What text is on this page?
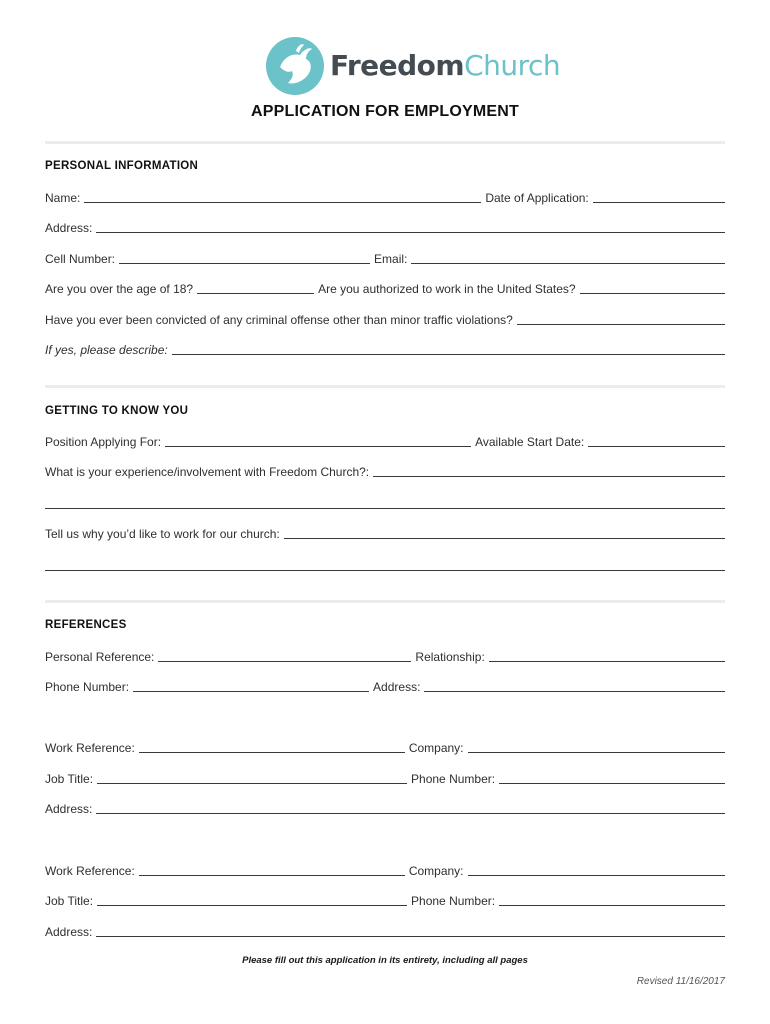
FreedomChurch
APPLICATION FOR EMPLOYMENT
PERSONAL INFORMATION
Name:	Date of Application:
Address:
Cell Number:	Email:
Are you over the age of 18?	Are you authorized to work in the United States?
Have you ever been convicted of any criminal offense other than minor traffic violations?
If yes, please describe:
GETTING TO KNOW YOU
Position Applying For:	Available Start Date:
What is your experience/involvement with Freedom Church?:
Tell us why you’d like to work for our church:
REFERENCES
Personal Reference:	Relationship:
Phone Number:	Address:
Work Reference:	Company:
Job Title:	Phone Number:
Address:
Work Reference:	Company:
Job Title:	Phone Number:
Address:
Please fill out this application in its entirety, including all pages
Revised 11/16/2017
